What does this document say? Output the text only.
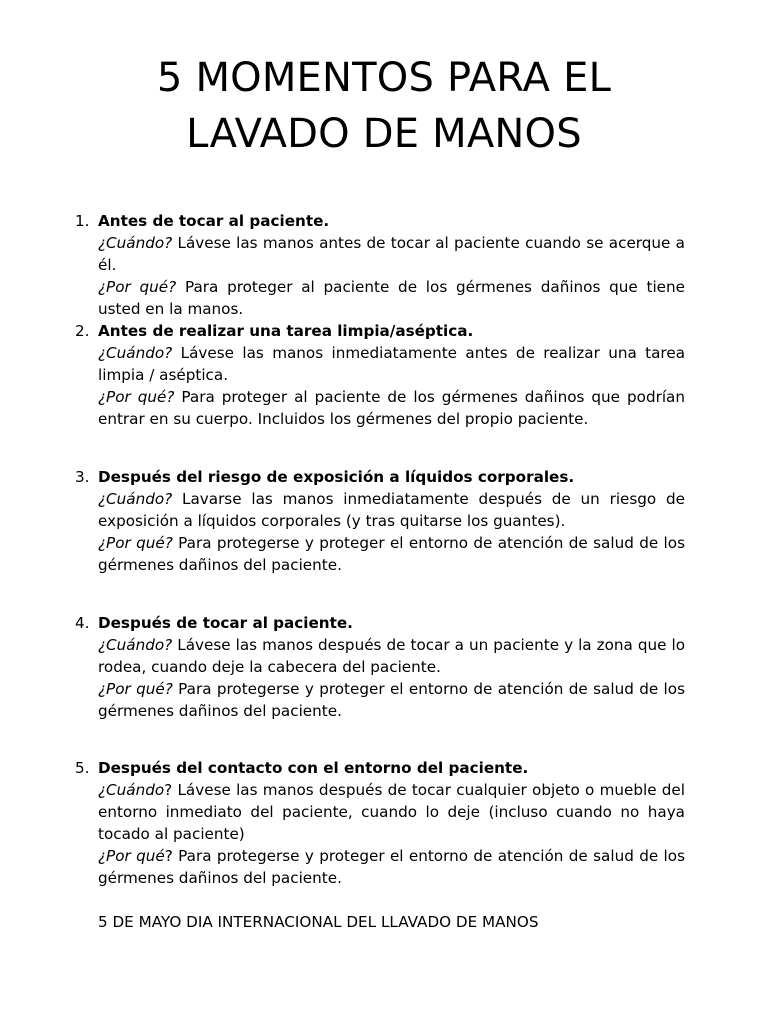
5 MOMENTOS PARA EL
LAVADO DE MANOS
1. Antes de tocar al paciente.
¿Cuándo? Lávese las manos antes de tocar al paciente cuando se acerque a él.
¿Por qué? Para proteger al paciente de los gérmenes dañinos que tiene usted en la manos.
2. Antes de realizar una tarea limpia/aséptica.
¿Cuándo? Lávese las manos inmediatamente antes de realizar una tarea limpia / aséptica.
¿Por qué? Para proteger al paciente de los gérmenes dañinos que podrían entrar en su cuerpo. Incluidos los gérmenes del propio paciente.
3. Después del riesgo de exposición a líquidos corporales.
¿Cuándo? Lavarse las manos inmediatamente después de un riesgo de exposición a líquidos corporales (y tras quitarse los guantes).
¿Por qué? Para protegerse y proteger el entorno de atención de salud de los gérmenes dañinos del paciente.
4. Después de tocar al paciente.
¿Cuándo? Lávese las manos después de tocar a un paciente y la zona que lo rodea, cuando deje la cabecera del paciente.
¿Por qué? Para protegerse y proteger el entorno de atención de salud de los gérmenes dañinos del paciente.
5. Después del contacto con el entorno del paciente.
¿Cuándo? Lávese las manos después de tocar cualquier objeto o mueble del entorno inmediato del paciente, cuando lo deje (incluso cuando no haya tocado al paciente)
¿Por qué? Para protegerse y proteger el entorno de atención de salud de los gérmenes dañinos del paciente.
5 DE MAYO DIA INTERNACIONAL DEL LLAVADO DE MANOS
